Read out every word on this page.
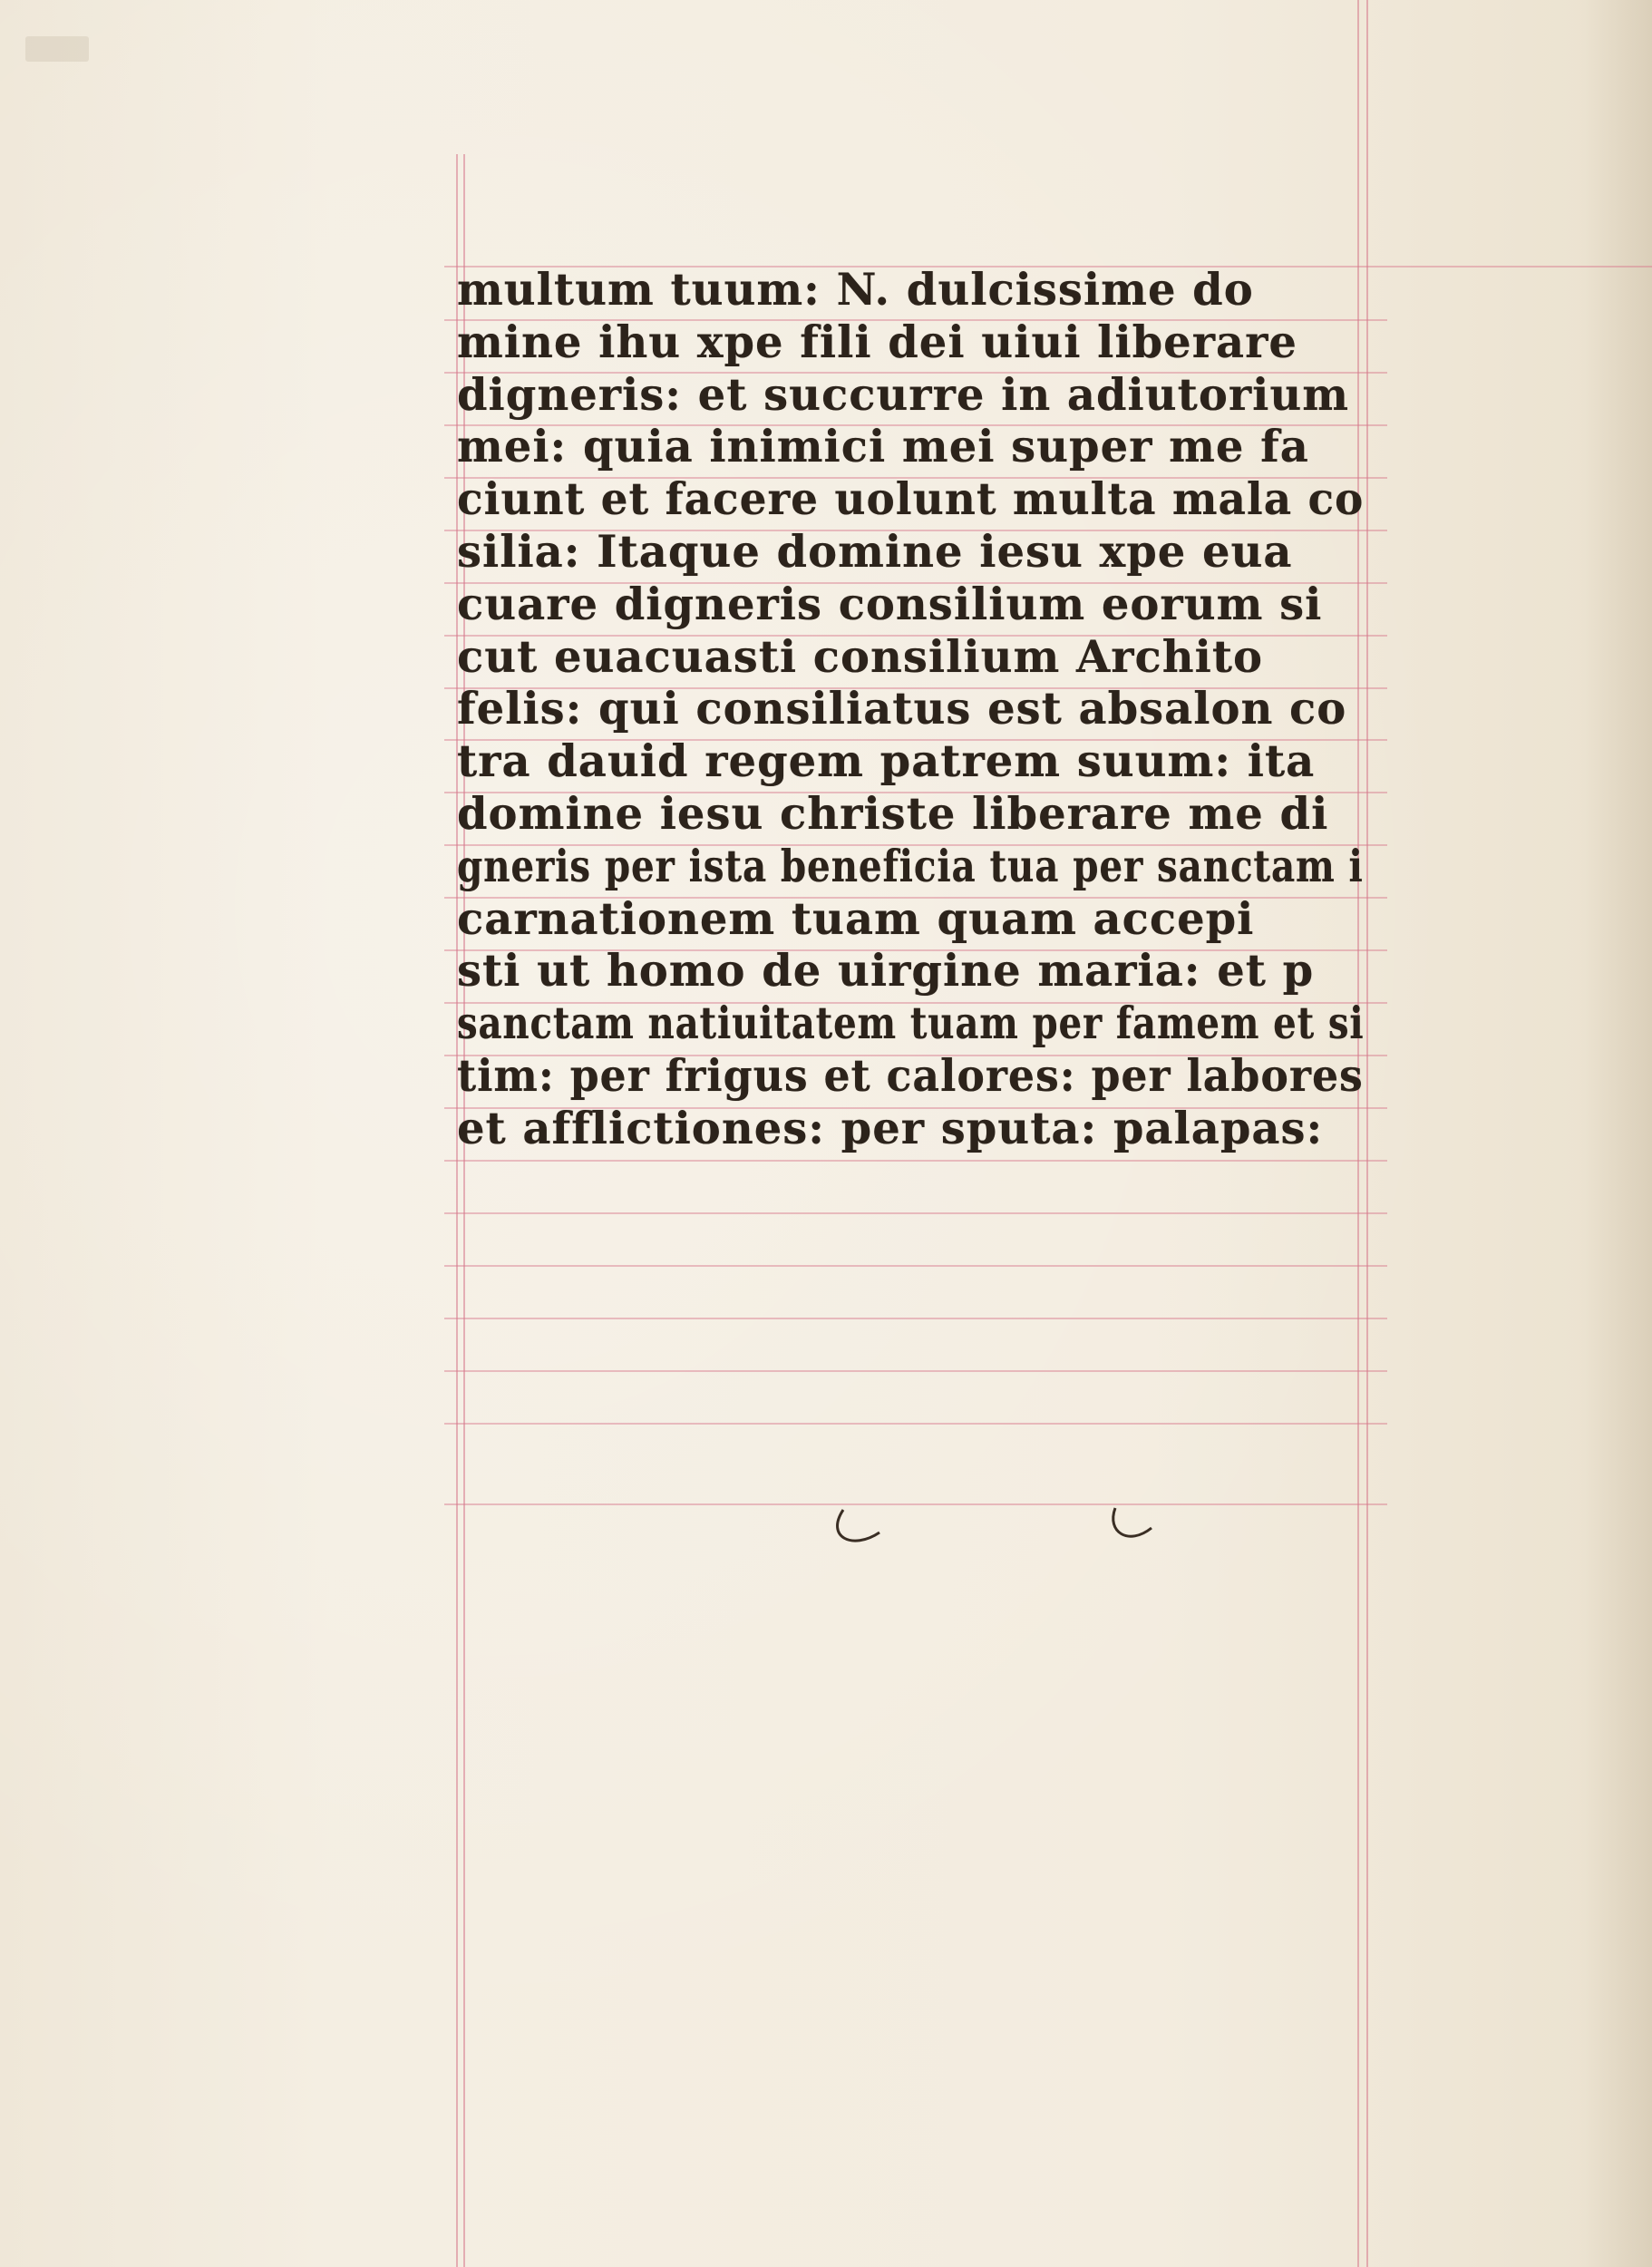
multum tuum: N. dulcissime do
mine ihu xpe fili dei uiui liberare
digneris: et succurre in adiutorium
mei: quia inimici mei super me fa
ciunt et facere uolunt multa mala co
silia: Itaque domine iesu xpe eua
cuare digneris consilium eorum si
cut euacuasti consilium Archito
felis: qui consiliatus est absalon co
tra dauid regem patrem suum: ita
domine iesu christe liberare me di
gneris per ista beneficia tua per sanctam i
carnationem tuam quam accepi
sti ut homo de uirgine maria: et p
sanctam natiuitatem tuam per famem et si
tim: per frigus et calores: per labores
et afflictiones: per sputa: palapas:
